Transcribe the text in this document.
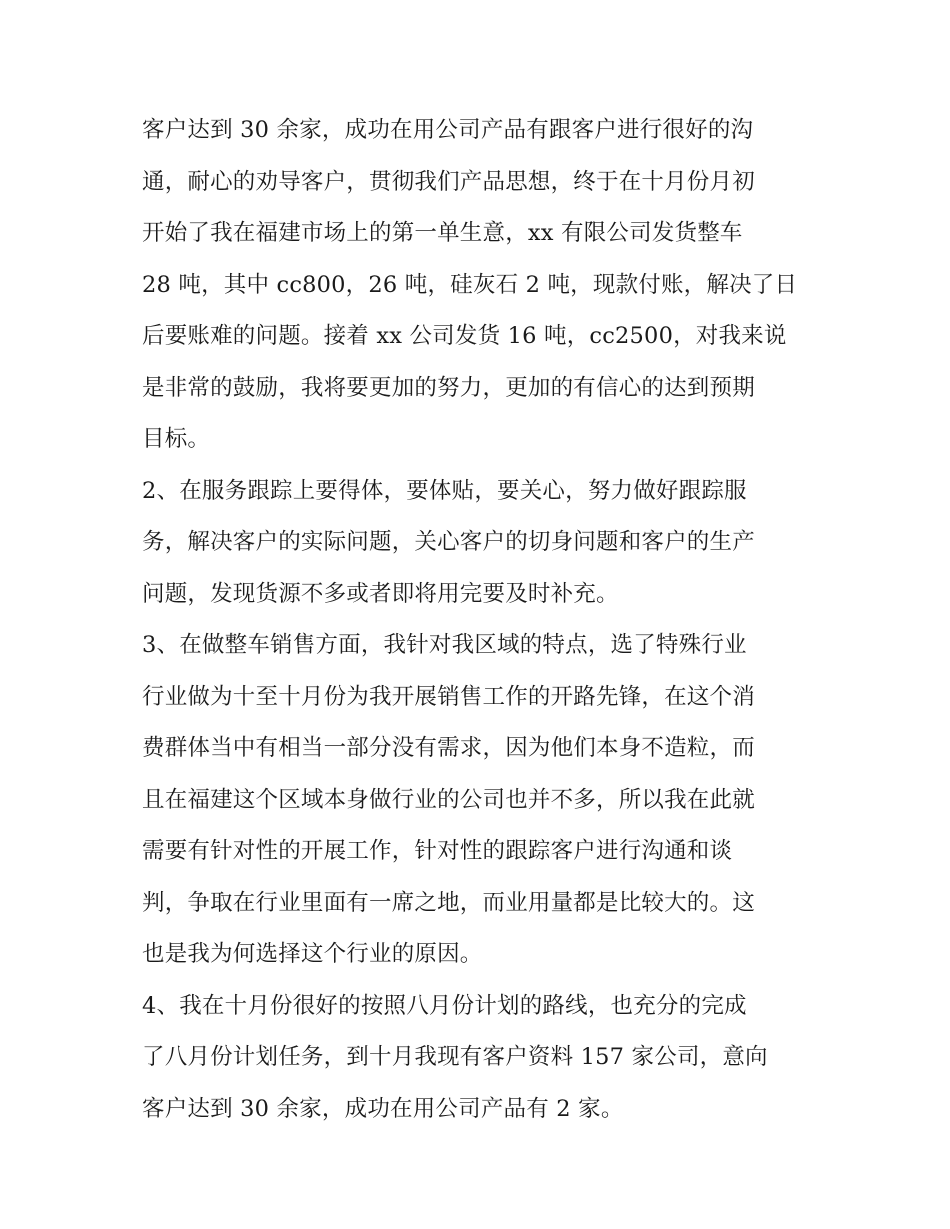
客户达到 30 余家，成功在用公司产品有跟客户进行很好的沟
通，耐心的劝导客户，贯彻我们产品思想，终于在十月份月初
开始了我在福建市场上的第一单生意，xx 有限公司发货整车
28 吨，其中 cc800，26 吨，硅灰石 2 吨，现款付账，解决了日
后要账难的问题。接着 xx 公司发货 16 吨，cc2500，对我来说
是非常的鼓励，我将要更加的努力，更加的有信心的达到预期
目标。
2、在服务跟踪上要得体，要体贴，要关心，努力做好跟踪服
务，解决客户的实际问题，关心客户的切身问题和客户的生产
问题，发现货源不多或者即将用完要及时补充。
3、在做整车销售方面，我针对我区域的特点，选了特殊行业
行业做为十至十月份为我开展销售工作的开路先锋，在这个消
费群体当中有相当一部分没有需求，因为他们本身不造粒，而
且在福建这个区域本身做行业的公司也并不多，所以我在此就
需要有针对性的开展工作，针对性的跟踪客户进行沟通和谈
判，争取在行业里面有一席之地，而业用量都是比较大的。这
也是我为何选择这个行业的原因。
4、我在十月份很好的按照八月份计划的路线，也充分的完成
了八月份计划任务，到十月我现有客户资料 157 家公司，意向
客户达到 30 余家，成功在用公司产品有 2 家。
